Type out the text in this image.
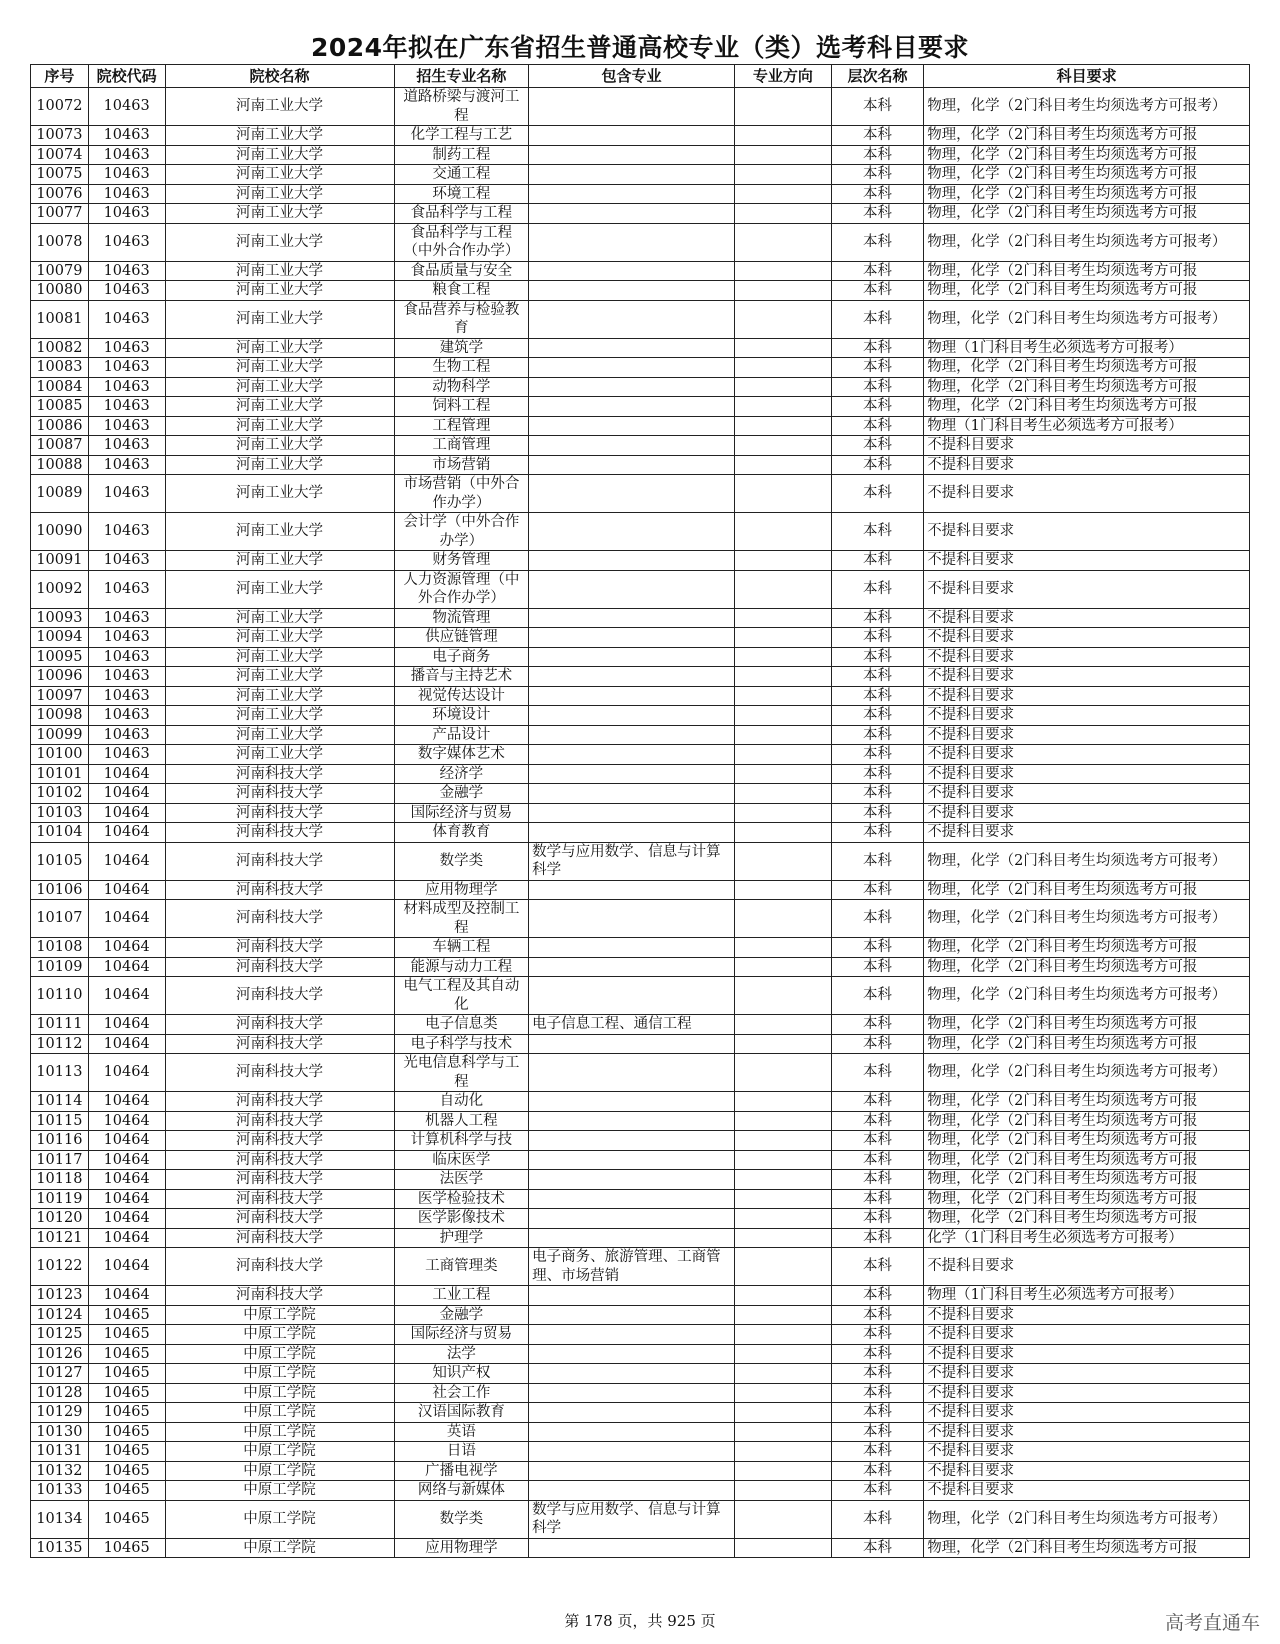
2024年拟在广东省招生普通高校专业（类）选考科目要求
序号	院校代码	院校名称	招生专业名称	包含专业	专业方向	层次名称	科目要求
10072	10463	河南工业大学	道路桥梁与渡河工程			本科	物理，化学（2门科目考生均须选考方可报考）
10073	10463	河南工业大学	化学工程与工艺			本科	物理，化学（2门科目考生均须选考方可报
10074	10463	河南工业大学	制药工程			本科	物理，化学（2门科目考生均须选考方可报
10075	10463	河南工业大学	交通工程			本科	物理，化学（2门科目考生均须选考方可报
10076	10463	河南工业大学	环境工程			本科	物理，化学（2门科目考生均须选考方可报
10077	10463	河南工业大学	食品科学与工程			本科	物理，化学（2门科目考生均须选考方可报
10078	10463	河南工业大学	食品科学与工程（中外合作办学）			本科	物理，化学（2门科目考生均须选考方可报考）
10079	10463	河南工业大学	食品质量与安全			本科	物理，化学（2门科目考生均须选考方可报
10080	10463	河南工业大学	粮食工程			本科	物理，化学（2门科目考生均须选考方可报
10081	10463	河南工业大学	食品营养与检验教育			本科	物理，化学（2门科目考生均须选考方可报考）
10082	10463	河南工业大学	建筑学			本科	物理（1门科目考生必须选考方可报考）
10083	10463	河南工业大学	生物工程			本科	物理，化学（2门科目考生均须选考方可报
10084	10463	河南工业大学	动物科学			本科	物理，化学（2门科目考生均须选考方可报
10085	10463	河南工业大学	饲料工程			本科	物理，化学（2门科目考生均须选考方可报
10086	10463	河南工业大学	工程管理			本科	物理（1门科目考生必须选考方可报考）
10087	10463	河南工业大学	工商管理			本科	不提科目要求
10088	10463	河南工业大学	市场营销			本科	不提科目要求
10089	10463	河南工业大学	市场营销（中外合作办学）			本科	不提科目要求
10090	10463	河南工业大学	会计学（中外合作办学）			本科	不提科目要求
10091	10463	河南工业大学	财务管理			本科	不提科目要求
10092	10463	河南工业大学	人力资源管理（中外合作办学）			本科	不提科目要求
10093	10463	河南工业大学	物流管理			本科	不提科目要求
10094	10463	河南工业大学	供应链管理			本科	不提科目要求
10095	10463	河南工业大学	电子商务			本科	不提科目要求
10096	10463	河南工业大学	播音与主持艺术			本科	不提科目要求
10097	10463	河南工业大学	视觉传达设计			本科	不提科目要求
10098	10463	河南工业大学	环境设计			本科	不提科目要求
10099	10463	河南工业大学	产品设计			本科	不提科目要求
10100	10463	河南工业大学	数字媒体艺术			本科	不提科目要求
10101	10464	河南科技大学	经济学			本科	不提科目要求
10102	10464	河南科技大学	金融学			本科	不提科目要求
10103	10464	河南科技大学	国际经济与贸易			本科	不提科目要求
10104	10464	河南科技大学	体育教育			本科	不提科目要求
10105	10464	河南科技大学	数学类	数学与应用数学、信息与计算科学		本科	物理，化学（2门科目考生均须选考方可报考）
10106	10464	河南科技大学	应用物理学			本科	物理，化学（2门科目考生均须选考方可报
10107	10464	河南科技大学	材料成型及控制工程			本科	物理，化学（2门科目考生均须选考方可报考）
10108	10464	河南科技大学	车辆工程			本科	物理，化学（2门科目考生均须选考方可报
10109	10464	河南科技大学	能源与动力工程			本科	物理，化学（2门科目考生均须选考方可报
10110	10464	河南科技大学	电气工程及其自动化			本科	物理，化学（2门科目考生均须选考方可报考）
10111	10464	河南科技大学	电子信息类	电子信息工程、通信工程		本科	物理，化学（2门科目考生均须选考方可报
10112	10464	河南科技大学	电子科学与技术			本科	物理，化学（2门科目考生均须选考方可报
10113	10464	河南科技大学	光电信息科学与工程			本科	物理，化学（2门科目考生均须选考方可报考）
10114	10464	河南科技大学	自动化			本科	物理，化学（2门科目考生均须选考方可报
10115	10464	河南科技大学	机器人工程			本科	物理，化学（2门科目考生均须选考方可报
10116	10464	河南科技大学	计算机科学与技			本科	物理，化学（2门科目考生均须选考方可报
10117	10464	河南科技大学	临床医学			本科	物理，化学（2门科目考生均须选考方可报
10118	10464	河南科技大学	法医学			本科	物理，化学（2门科目考生均须选考方可报
10119	10464	河南科技大学	医学检验技术			本科	物理，化学（2门科目考生均须选考方可报
10120	10464	河南科技大学	医学影像技术			本科	物理，化学（2门科目考生均须选考方可报
10121	10464	河南科技大学	护理学			本科	化学（1门科目考生必须选考方可报考）
10122	10464	河南科技大学	工商管理类	电子商务、旅游管理、工商管理、市场营销		本科	不提科目要求
10123	10464	河南科技大学	工业工程			本科	物理（1门科目考生必须选考方可报考）
10124	10465	中原工学院	金融学			本科	不提科目要求
10125	10465	中原工学院	国际经济与贸易			本科	不提科目要求
10126	10465	中原工学院	法学			本科	不提科目要求
10127	10465	中原工学院	知识产权			本科	不提科目要求
10128	10465	中原工学院	社会工作			本科	不提科目要求
10129	10465	中原工学院	汉语国际教育			本科	不提科目要求
10130	10465	中原工学院	英语			本科	不提科目要求
10131	10465	中原工学院	日语			本科	不提科目要求
10132	10465	中原工学院	广播电视学			本科	不提科目要求
10133	10465	中原工学院	网络与新媒体			本科	不提科目要求
10134	10465	中原工学院	数学类	数学与应用数学、信息与计算科学		本科	物理，化学（2门科目考生均须选考方可报考）
10135	10465	中原工学院	应用物理学			本科	物理，化学（2门科目考生均须选考方可报
第 178 页，共 925 页	高考直通车
